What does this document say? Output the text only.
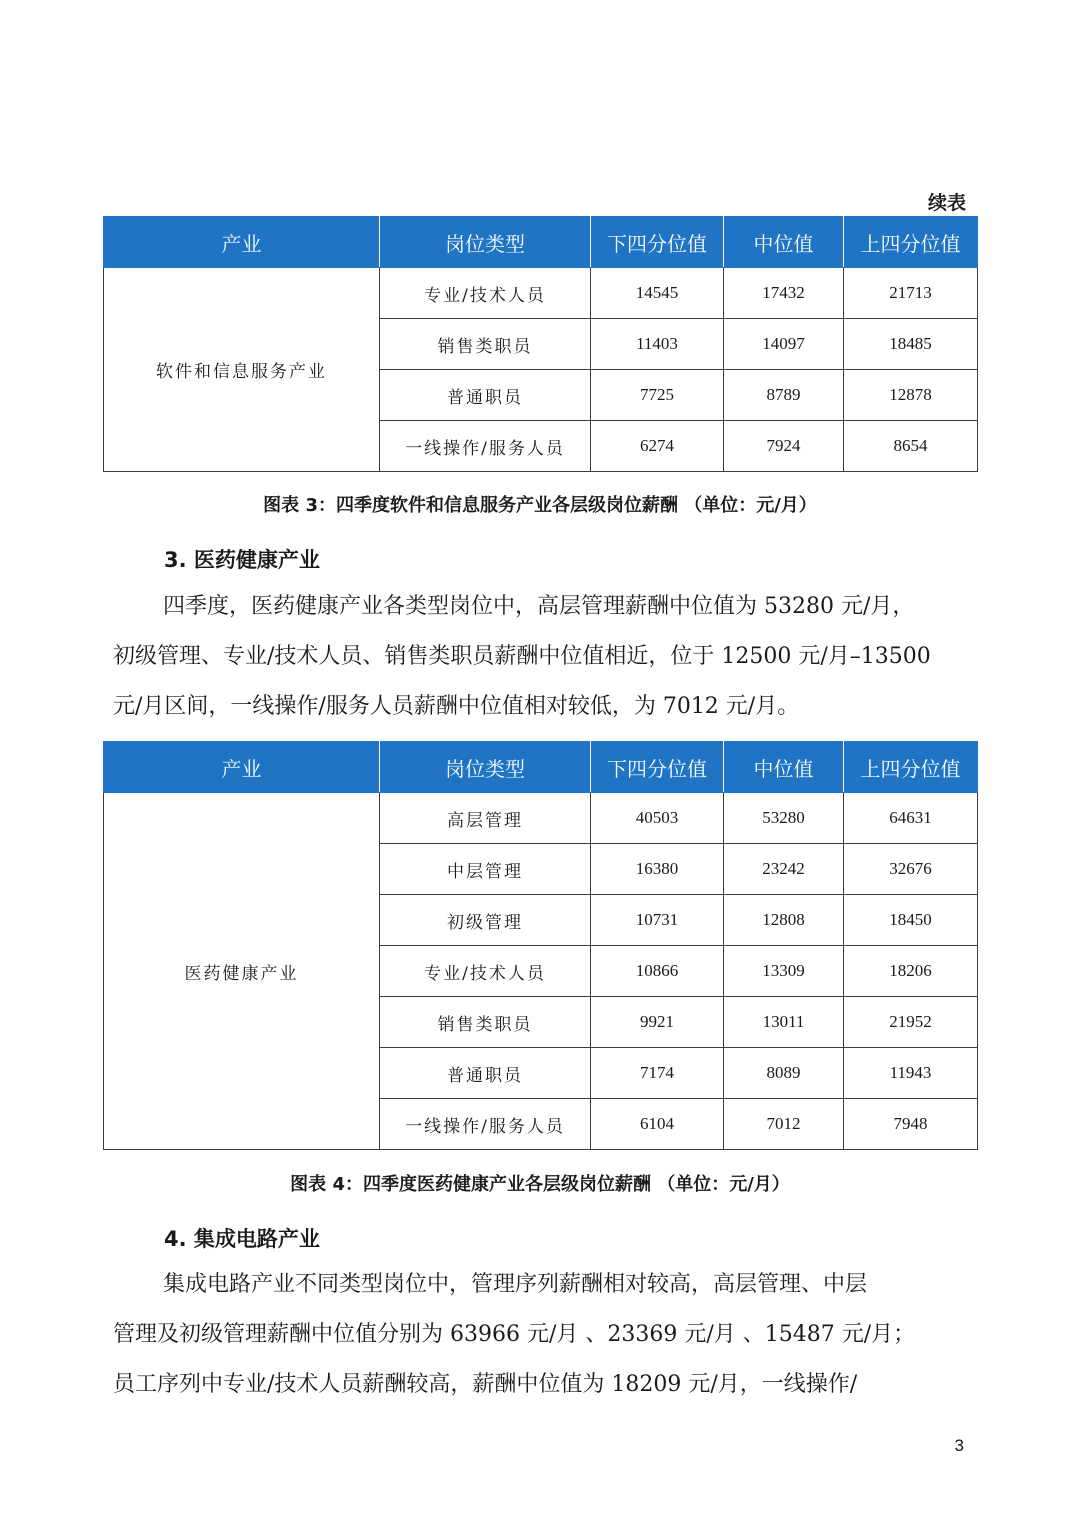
续表
产业	岗位类型	下四分位值	中位值	上四分位值
软件和信息服务产业	专业/技术人员	14545	17432	21713
	销售类职员	11403	14097	18485
	普通职员	7725	8789	12878
	一线操作/服务人员	6274	7924	8654
图表 3：四季度软件和信息服务产业各层级岗位薪酬 （单位：元/月）
3. 医药健康产业
四季度，医药健康产业各类型岗位中，高层管理薪酬中位值为 53280 元/月，
初级管理、专业/技术人员、销售类职员薪酬中位值相近，位于 12500 元/月–13500
元/月区间，一线操作/服务人员薪酬中位值相对较低，为 7012 元/月。
产业	岗位类型	下四分位值	中位值	上四分位值
医药健康产业	高层管理	40503	53280	64631
	中层管理	16380	23242	32676
	初级管理	10731	12808	18450
	专业/技术人员	10866	13309	18206
	销售类职员	9921	13011	21952
	普通职员	7174	8089	11943
	一线操作/服务人员	6104	7012	7948
图表 4：四季度医药健康产业各层级岗位薪酬 （单位：元/月）
4. 集成电路产业
集成电路产业不同类型岗位中，管理序列薪酬相对较高，高层管理、中层
管理及初级管理薪酬中位值分别为 63966 元/月 、23369 元/月 、15487 元/月；
员工序列中专业/技术人员薪酬较高，薪酬中位值为 18209 元/月，一线操作/
3
